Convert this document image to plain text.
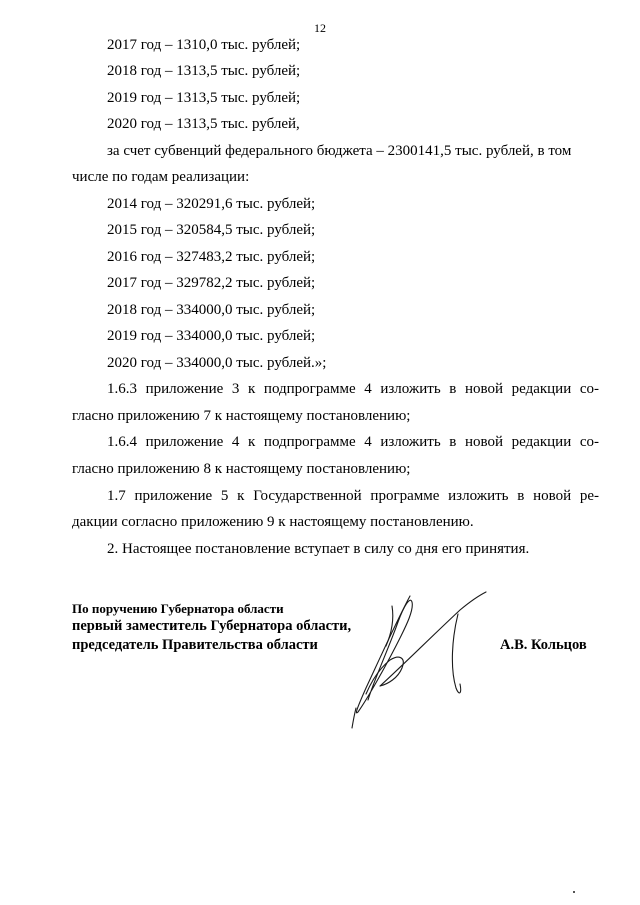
12
2017 год – 1310,0 тыс. рублей;
2018 год – 1313,5 тыс. рублей;
2019 год – 1313,5 тыс. рублей;
2020 год – 1313,5 тыс. рублей,
за счет субвенций федерального бюджета – 2300141,5 тыс. рублей, в том
числе по годам реализации:
2014 год – 320291,6 тыс. рублей;
2015 год – 320584,5 тыс. рублей;
2016 год – 327483,2 тыс. рублей;
2017 год – 329782,2 тыс. рублей;
2018 год – 334000,0 тыс. рублей;
2019 год – 334000,0 тыс. рублей;
2020 год – 334000,0 тыс. рублей.»;
1.6.3 приложение 3 к подпрограмме 4 изложить в новой редакции со-
гласно приложению 7 к настоящему постановлению;
1.6.4 приложение 4 к подпрограмме 4 изложить в новой редакции со-
гласно приложению 8 к настоящему постановлению;
1.7 приложение 5 к Государственной программе изложить в новой ре-
дакции согласно приложению 9 к настоящему постановлению.
2. Настоящее постановление вступает в силу со дня его принятия.
По поручению Губернатора области
первый заместитель Губернатора области,
председатель Правительства области	А.В. Кольцов
